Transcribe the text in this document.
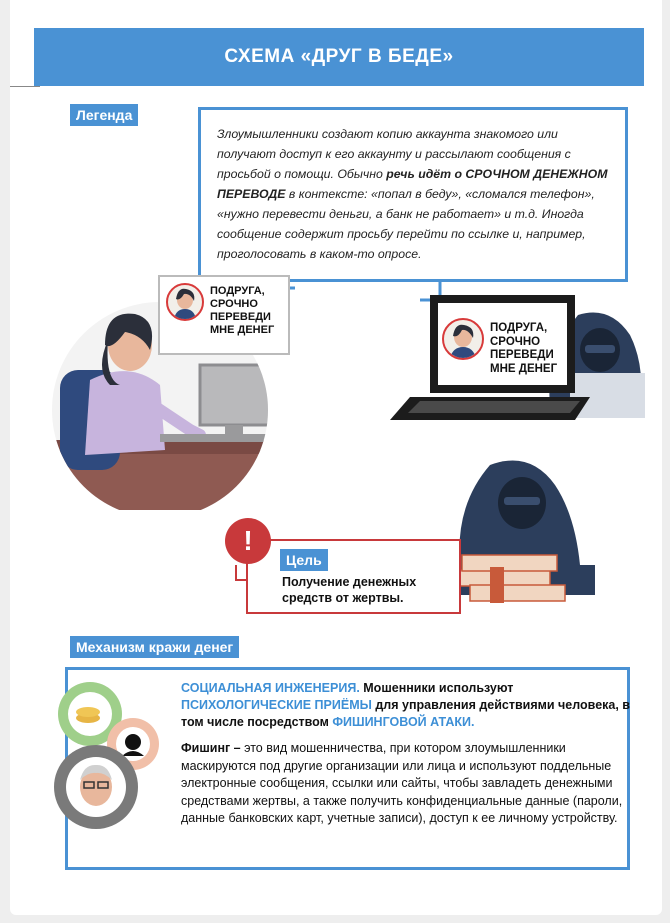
СХЕМА «ДРУГ В БЕДЕ»
Легенда
Злоумышленники создают копию аккаунта знакомого или получают доступ к его аккаунту и рассылают сообщения с просьбой о помощи. Обычно речь идёт о СРОЧНОМ ДЕНЕЖНОМ ПЕРЕВОДЕ в контексте: «попал в беду», «сломался телефон», «нужно перевести деньги, а банк не работает» и т.д. Иногда сообщение содержит просьбу перейти по ссылке и, например, проголосовать в каком-то опросе.
ПОДРУГА,
СРОЧНО
ПЕРЕВЕДИ
МНЕ ДЕНЕГ	ПОДРУГА,
СРОЧНО
ПЕРЕВЕДИ
МНЕ ДЕНЕГ
Цель
Получение денежных
средств от жертвы.
!
Механизм кражи денег
СОЦИАЛЬНАЯ ИНЖЕНЕРИЯ. Мошенники используют ПСИХОЛОГИЧЕСКИЕ ПРИЁМЫ для управления действиями человека, в том числе посредством ФИШИНГОВОЙ АТАКИ.
Фишинг – это вид мошенничества, при котором злоумышленники маскируются под другие организации или лица и используют поддельные электронные сообщения, ссылки или сайты, чтобы завладеть денежными средствами жертвы, а также получить конфиденциальные данные (пароли, данные банковских карт, учетные записи), доступ к ее личному устройству.
